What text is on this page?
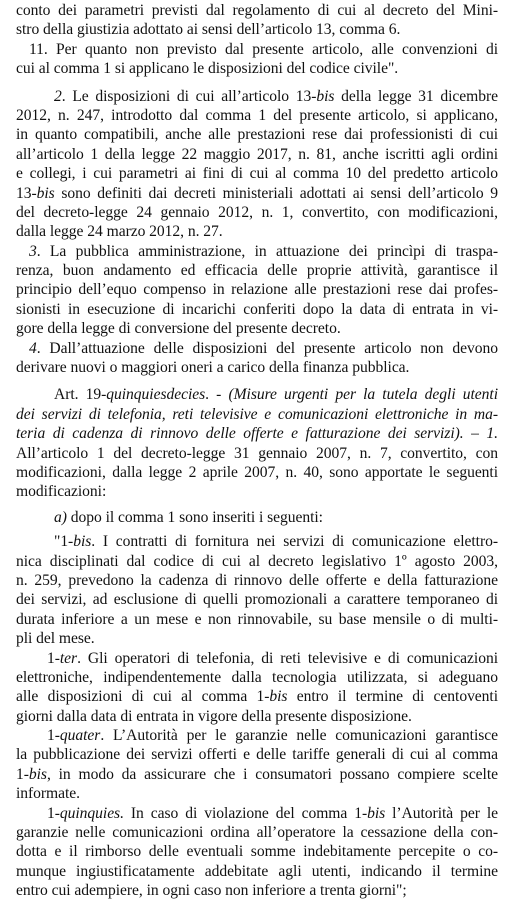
conto dei parametri previsti dal regolamento di cui al decreto del Mini-
stro della giustizia adottato ai sensi dell’articolo 13, comma 6.
11. Per quanto non previsto dal presente articolo, alle convenzioni di
cui al comma 1 si applicano le disposizioni del codice civile".
2. Le disposizioni di cui all’articolo 13-bis della legge 31 dicembre
2012, n. 247, introdotto dal comma 1 del presente articolo, si applicano,
in quanto compatibili, anche alle prestazioni rese dai professionisti di cui
all’articolo 1 della legge 22 maggio 2017, n. 81, anche iscritti agli ordini
e collegi, i cui parametri ai fini di cui al comma 10 del predetto articolo
13-bis sono definiti dai decreti ministeriali adottati ai sensi dell’articolo 9
del decreto-legge 24 gennaio 2012, n. 1, convertito, con modificazioni,
dalla legge 24 marzo 2012, n. 27.
3. La pubblica amministrazione, in attuazione dei princìpi di traspa-
renza, buon andamento ed efficacia delle proprie attività, garantisce il
principio dell’equo compenso in relazione alle prestazioni rese dai profes-
sionisti in esecuzione di incarichi conferiti dopo la data di entrata in vi-
gore della legge di conversione del presente decreto.
4. Dall’attuazione delle disposizioni del presente articolo non devono
derivare nuovi o maggiori oneri a carico della finanza pubblica.
Art. 19-quinquiesdecies. - (Misure urgenti per la tutela degli utenti
dei servizi di telefonia, reti televisive e comunicazioni elettroniche in ma-
teria di cadenza di rinnovo delle offerte e fatturazione dei servizi). – 1.
All’articolo 1 del decreto-legge 31 gennaio 2007, n. 7, convertito, con
modificazioni, dalla legge 2 aprile 2007, n. 40, sono apportate le seguenti
modificazioni:
a) dopo il comma 1 sono inseriti i seguenti:
"1-bis. I contratti di fornitura nei servizi di comunicazione elettro-
nica disciplinati dal codice di cui al decreto legislativo 1º agosto 2003,
n. 259, prevedono la cadenza di rinnovo delle offerte e della fatturazione
dei servizi, ad esclusione di quelli promozionali a carattere temporaneo di
durata inferiore a un mese e non rinnovabile, su base mensile o di multi-
pli del mese.
1-ter. Gli operatori di telefonia, di reti televisive e di comunicazioni
elettroniche, indipendentemente dalla tecnologia utilizzata, si adeguano
alle disposizioni di cui al comma 1-bis entro il termine di centoventi
giorni dalla data di entrata in vigore della presente disposizione.
1-quater. L’Autorità per le garanzie nelle comunicazioni garantisce
la pubblicazione dei servizi offerti e delle tariffe generali di cui al comma
1-bis, in modo da assicurare che i consumatori possano compiere scelte
informate.
1-quinquies. In caso di violazione del comma 1-bis l’Autorità per le
garanzie nelle comunicazioni ordina all’operatore la cessazione della con-
dotta e il rimborso delle eventuali somme indebitamente percepite o co-
munque ingiustificatamente addebitate agli utenti, indicando il termine
entro cui adempiere, in ogni caso non inferiore a trenta giorni";
